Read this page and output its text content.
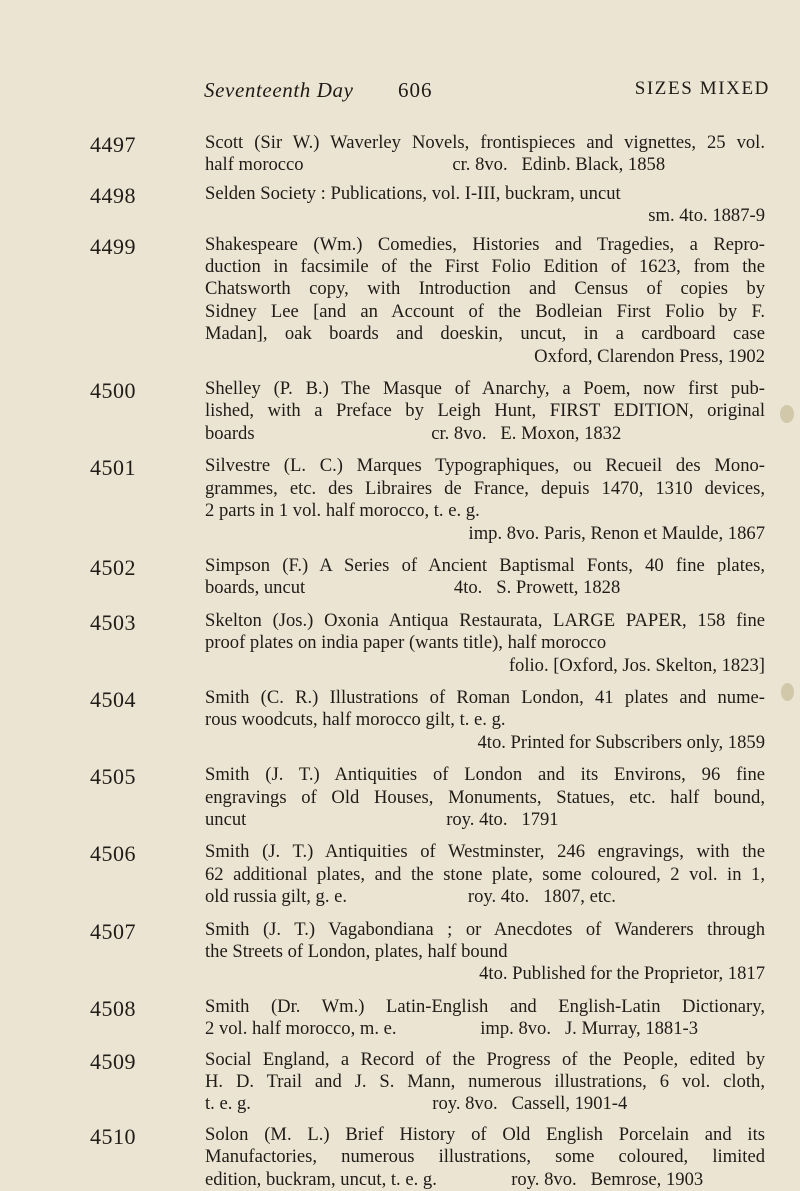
Seventeenth Day 606	SIZES MIXED
4497	Scott (Sir W.) Waverley Novels, frontispieces and vignettes, 25 vol.
half morocco                                cr. 8vo.   Edinb. Black, 1858
4498	Selden Society : Publications, vol. I-III, buckram, uncut
sm. 4to. 1887-9
4499	Shakespeare (Wm.) Comedies, Histories and Tragedies, a Repro-
duction in facsimile of the First Folio Edition of 1623, from the
Chatsworth copy, with Introduction and Census of copies by
Sidney Lee [and an Account of the Bodleian First Folio by F.
Madan], oak boards and doeskin, uncut, in a cardboard case
Oxford, Clarendon Press, 1902
4500	Shelley (P. B.) The Masque of Anarchy, a Poem, now first pub-
lished, with a Preface by Leigh Hunt, FIRST EDITION, original
boards                                      cr. 8vo.   E. Moxon, 1832
4501	Silvestre (L. C.) Marques Typographiques, ou Recueil des Mono-
grammes, etc. des Libraires de France, depuis 1470, 1310 devices,
2 parts in 1 vol. half morocco, t. e. g.
imp. 8vo. Paris, Renon et Maulde, 1867
4502	Simpson (F.) A Series of Ancient Baptismal Fonts, 40 fine plates,
boards, uncut                                4to.   S. Prowett, 1828
4503	Skelton (Jos.) Oxonia Antiqua Restaurata, LARGE PAPER, 158 fine
proof plates on india paper (wants title), half morocco
folio. [Oxford, Jos. Skelton, 1823]
4504	Smith (C. R.) Illustrations of Roman London, 41 plates and nume-
rous woodcuts, half morocco gilt, t. e. g.
4to. Printed for Subscribers only, 1859
4505	Smith (J. T.) Antiquities of London and its Environs, 96 fine
engravings of Old Houses, Monuments, Statues, etc. half bound,
uncut                                           roy. 4to.   1791
4506	Smith (J. T.) Antiquities of Westminster, 246 engravings, with the
62 additional plates, and the stone plate, some coloured, 2 vol. in 1,
old russia gilt, g. e.                          roy. 4to.   1807, etc.
4507	Smith (J. T.) Vagabondiana ; or Anecdotes of Wanderers through
the Streets of London, plates, half bound
4to. Published for the Proprietor, 1817
4508	Smith (Dr. Wm.) Latin-English and English-Latin Dictionary,
2 vol. half morocco, m. e.                  imp. 8vo.   J. Murray, 1881-3
4509	Social England, a Record of the Progress of the People, edited by
H. D. Trail and J. S. Mann, numerous illustrations, 6 vol. cloth,
t. e. g.                                       roy. 8vo.   Cassell, 1901-4
4510	Solon (M. L.) Brief History of Old English Porcelain and its
Manufactories, numerous illustrations, some coloured, limited
edition, buckram, uncut, t. e. g.                roy. 8vo.   Bemrose, 1903
